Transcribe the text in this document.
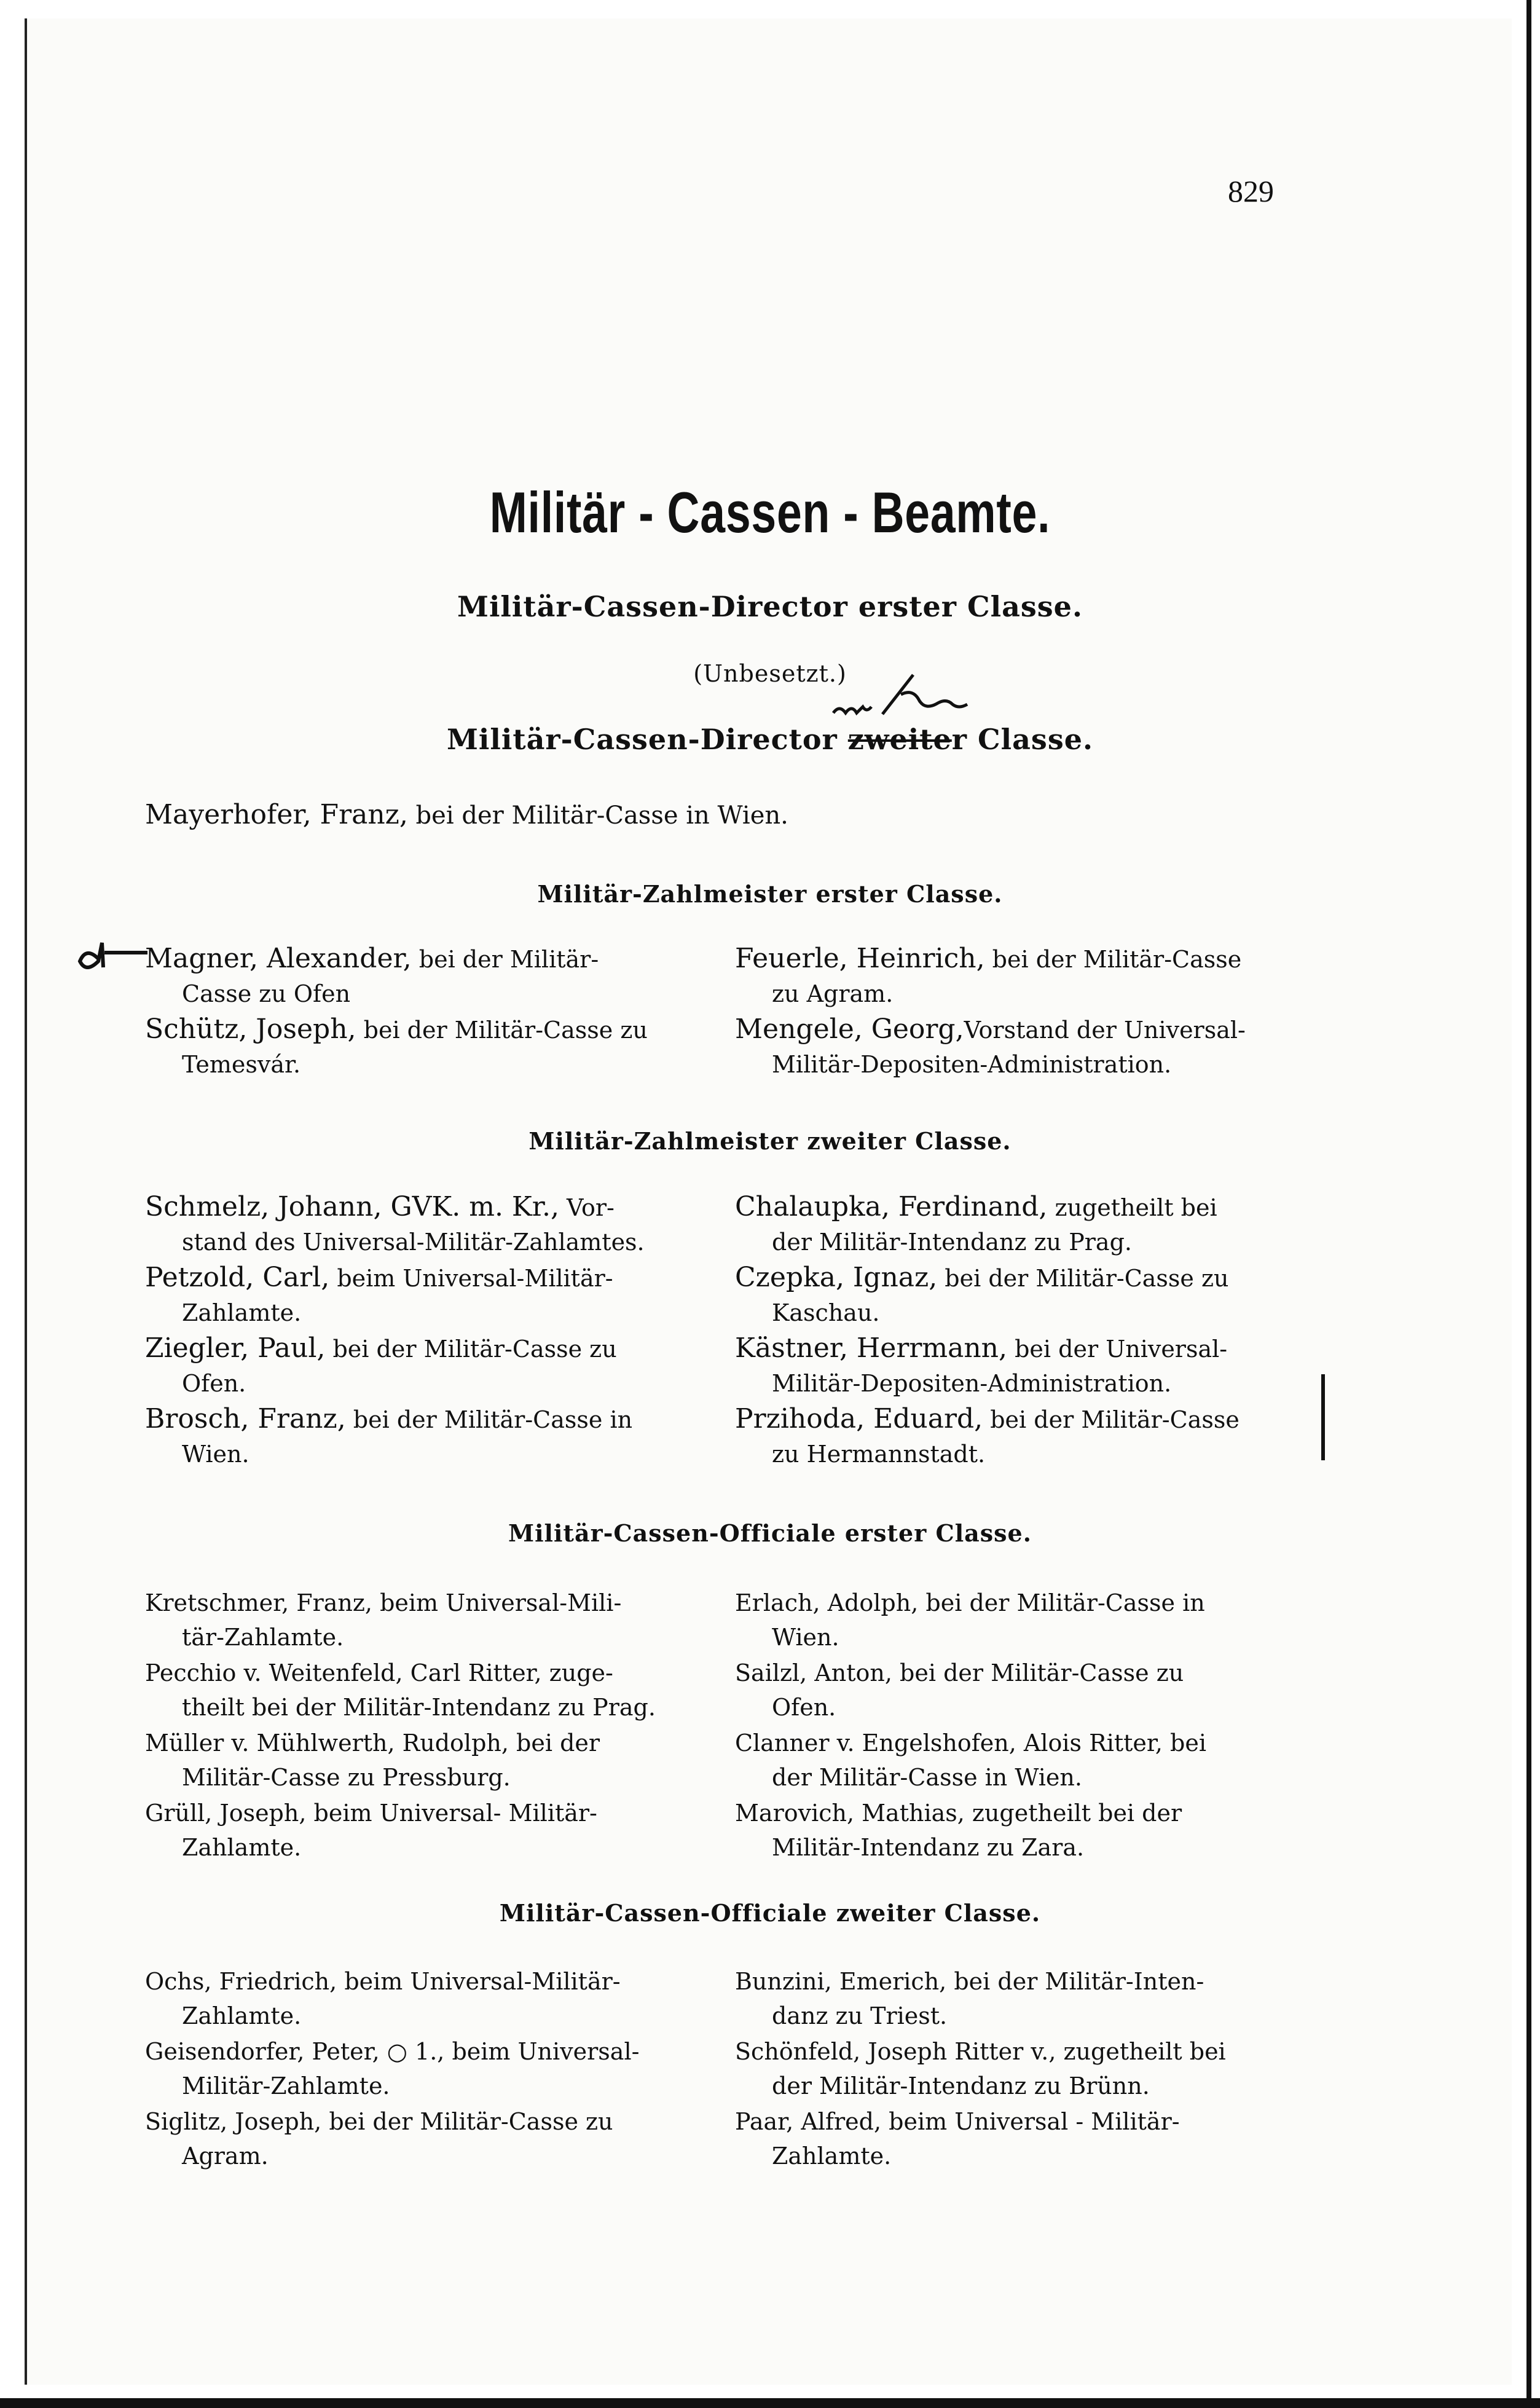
829
Militär - Cassen - Beamte.
Militär-Cassen-Director erster Classe.
(Unbesetzt.)
Militär-Cassen-Director zweiter Classe.
Mayerhofer, Franz, bei der Militär-Casse in Wien.
Militär-Zahlmeister erster Classe.
Magner, Alexander, bei der Militär-
Casse zu Ofen
Schütz, Joseph, bei der Militär-Casse zu
Temesvár.
Feuerle, Heinrich, bei der Militär-Casse
zu Agram.
Mengele, Georg,Vorstand der Universal-
Militär-Depositen-Administration.
Militär-Zahlmeister zweiter Classe.
Schmelz, Johann, GVK. m. Kr., Vor-
stand des Universal-Militär-Zahlamtes.
Petzold, Carl, beim Universal-Militär-
Zahlamte.
Ziegler, Paul, bei der Militär-Casse zu
Ofen.
Brosch, Franz, bei der Militär-Casse in
Wien.
Chalaupka, Ferdinand, zugetheilt bei
der Militär-Intendanz zu Prag.
Czepka, Ignaz, bei der Militär-Casse zu
Kaschau.
Kästner, Herrmann, bei der Universal-
Militär-Depositen-Administration.
Przihoda, Eduard, bei der Militär-Casse
zu Hermannstadt.
Militär-Cassen-Officiale erster Classe.
Kretschmer, Franz, beim Universal-Mili-
tär-Zahlamte.
Pecchio v. Weitenfeld, Carl Ritter, zuge-
theilt bei der Militär-Intendanz zu Prag.
Müller v. Mühlwerth, Rudolph, bei der
Militär-Casse zu Pressburg.
Grüll, Joseph, beim Universal- Militär-
Zahlamte.
Erlach, Adolph, bei der Militär-Casse in
Wien.
Sailzl, Anton, bei der Militär-Casse zu
Ofen.
Clanner v. Engelshofen, Alois Ritter, bei
der Militär-Casse in Wien.
Marovich, Mathias, zugetheilt bei der
Militär-Intendanz zu Zara.
Militär-Cassen-Officiale zweiter Classe.
Ochs, Friedrich, beim Universal-Militär-
Zahlamte.
Geisendorfer, Peter, ○ 1., beim Universal-
Militär-Zahlamte.
Siglitz, Joseph, bei der Militär-Casse zu
Agram.
Bunzini, Emerich, bei der Militär-Inten-
danz zu Triest.
Schönfeld, Joseph Ritter v., zugetheilt bei
der Militär-Intendanz zu Brünn.
Paar, Alfred, beim Universal - Militär-
Zahlamte.
